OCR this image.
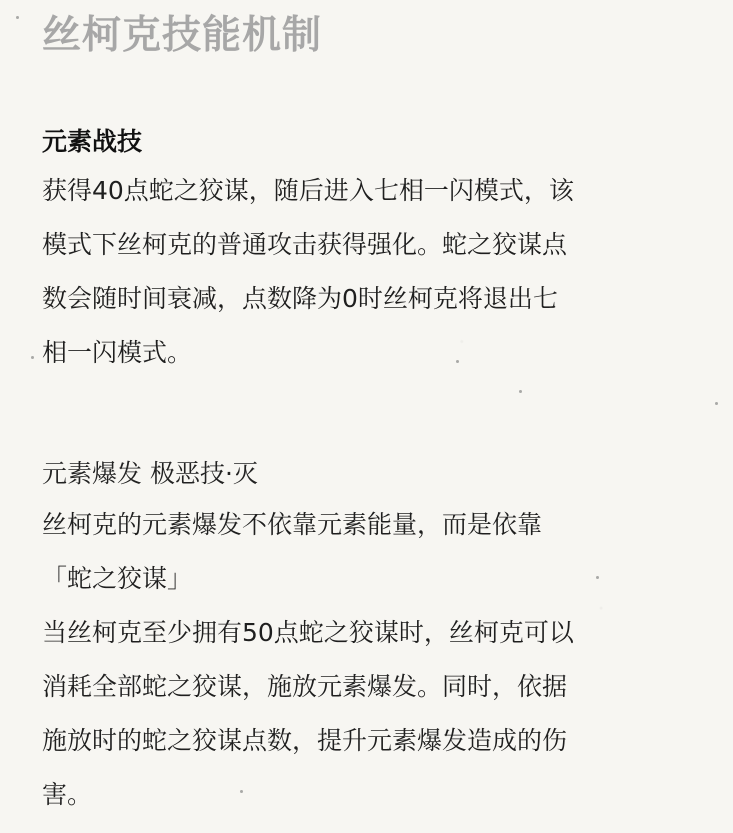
丝柯克技能机制
元素战技
获得40点蛇之狡谋，随后进入七相一闪模式，该
模式下丝柯克的普通攻击获得强化。蛇之狡谋点
数会随时间衰减，点数降为0时丝柯克将退出七
相一闪模式。
元素爆发 极恶技·灭
丝柯克的元素爆发不依靠元素能量，而是依靠
「蛇之狡谋」
当丝柯克至少拥有50点蛇之狡谋时，丝柯克可以
消耗全部蛇之狡谋，施放元素爆发。同时，依据
施放时的蛇之狡谋点数，提升元素爆发造成的伤
害。
